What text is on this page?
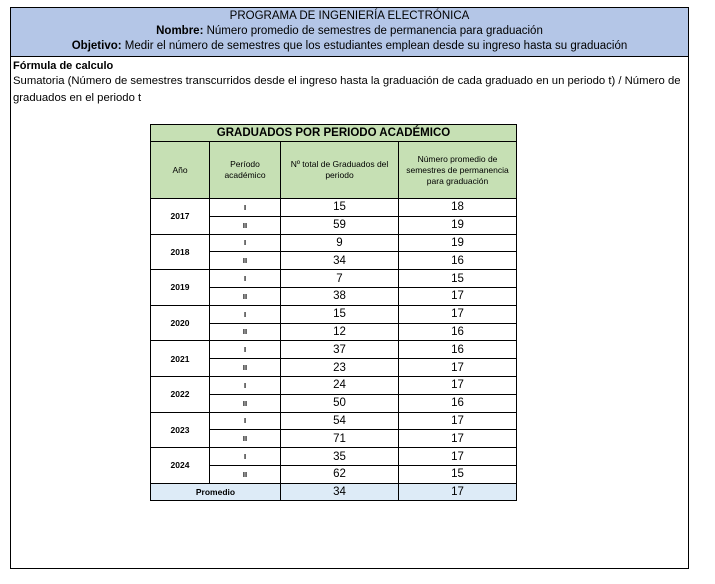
PROGRAMA DE INGENIERÍA ELECTRÓNICA
Nombre: Número promedio de semestres de permanencia para graduación
Objetivo: Medir el número de semestres que los estudiantes emplean desde su ingreso hasta su graduación
Fórmula de calculo
Sumatoria (Número de semestres transcurridos desde el ingreso hasta la graduación de cada graduado en un periodo t) / Número de
graduados en el periodo t
GRADUADOS POR PERIODO ACADÉMICO			
Año	Período académico	Nº total de Graduados del periodo	Número promedio de semestres de permanencia para graduación
2017	I	15	18
	II	59	19
2018	I	9	19
	II	34	16
2019	I	7	15
	II	38	17
2020	I	15	17
	II	12	16
2021	I	37	16
	II	23	17
2022	I	24	17
	II	50	16
2023	I	54	17
	II	71	17
2024	I	35	17
	II	62	15
Promedio		34	17
